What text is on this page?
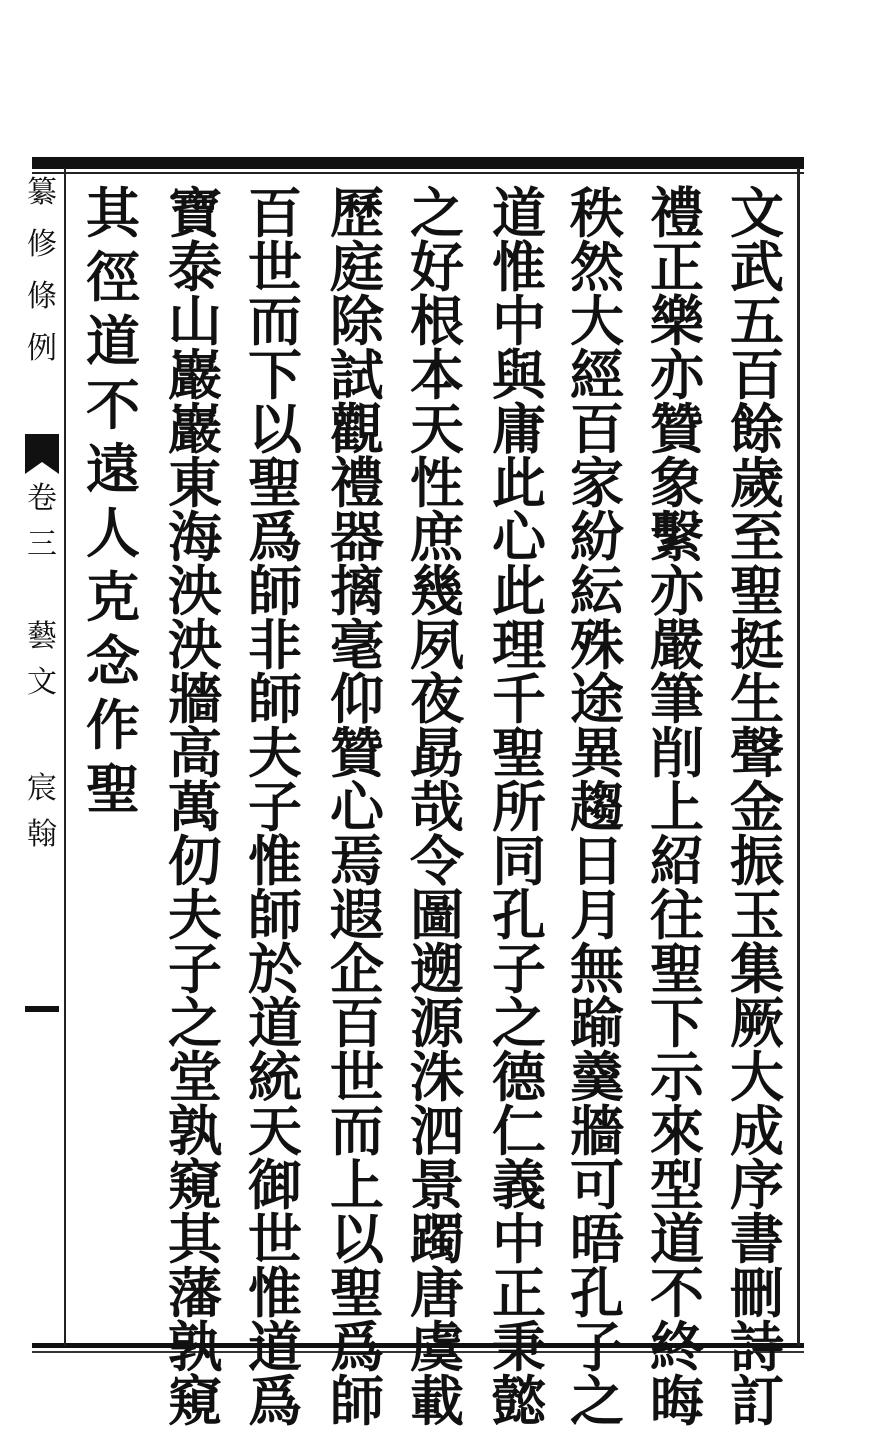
纂
修
條
例
卷
三

藝
文
宸
翰
文
武
五
百
餘
歲
至
聖
挺
生
聲
金
振
玉
集
厥
大
成
序
書
刪
詩
訂
禮
正
樂
亦
贊
象
繫
亦
嚴
筆
削
上
紹
往
聖
下
示
來
型
道
不
終
晦
秩
然
大
經
百
家
紛
紜
殊
途
異
趨
日
月
無
踰
羹
牆
可
晤
孔
子
之
道
惟
中
與
庸
此
心
此
理
千
聖
所
同
孔
子
之
德
仁
義
中
正
秉
懿
之
好
根
本
天
性
庶
幾
夙
夜
勗
哉
令
圖
遡
源
洙
泗
景
躅
唐
虞
載
歷
庭
除
試
觀
禮
器
摛
毫
仰
贊
心
焉
遐
企
百
世
而
上
以
聖
爲
師
百
世
而
下
以
聖
爲
師
非
師
夫
子
惟
師
於
道
統
天
御
世
惟
道
爲
寶
泰
山
巖
巖
東
海
泱
泱
牆
高
萬
仞
夫
子
之
堂
孰
窺
其
藩
孰
窺
其
徑
道
不
遠
人
克
念
作
聖
